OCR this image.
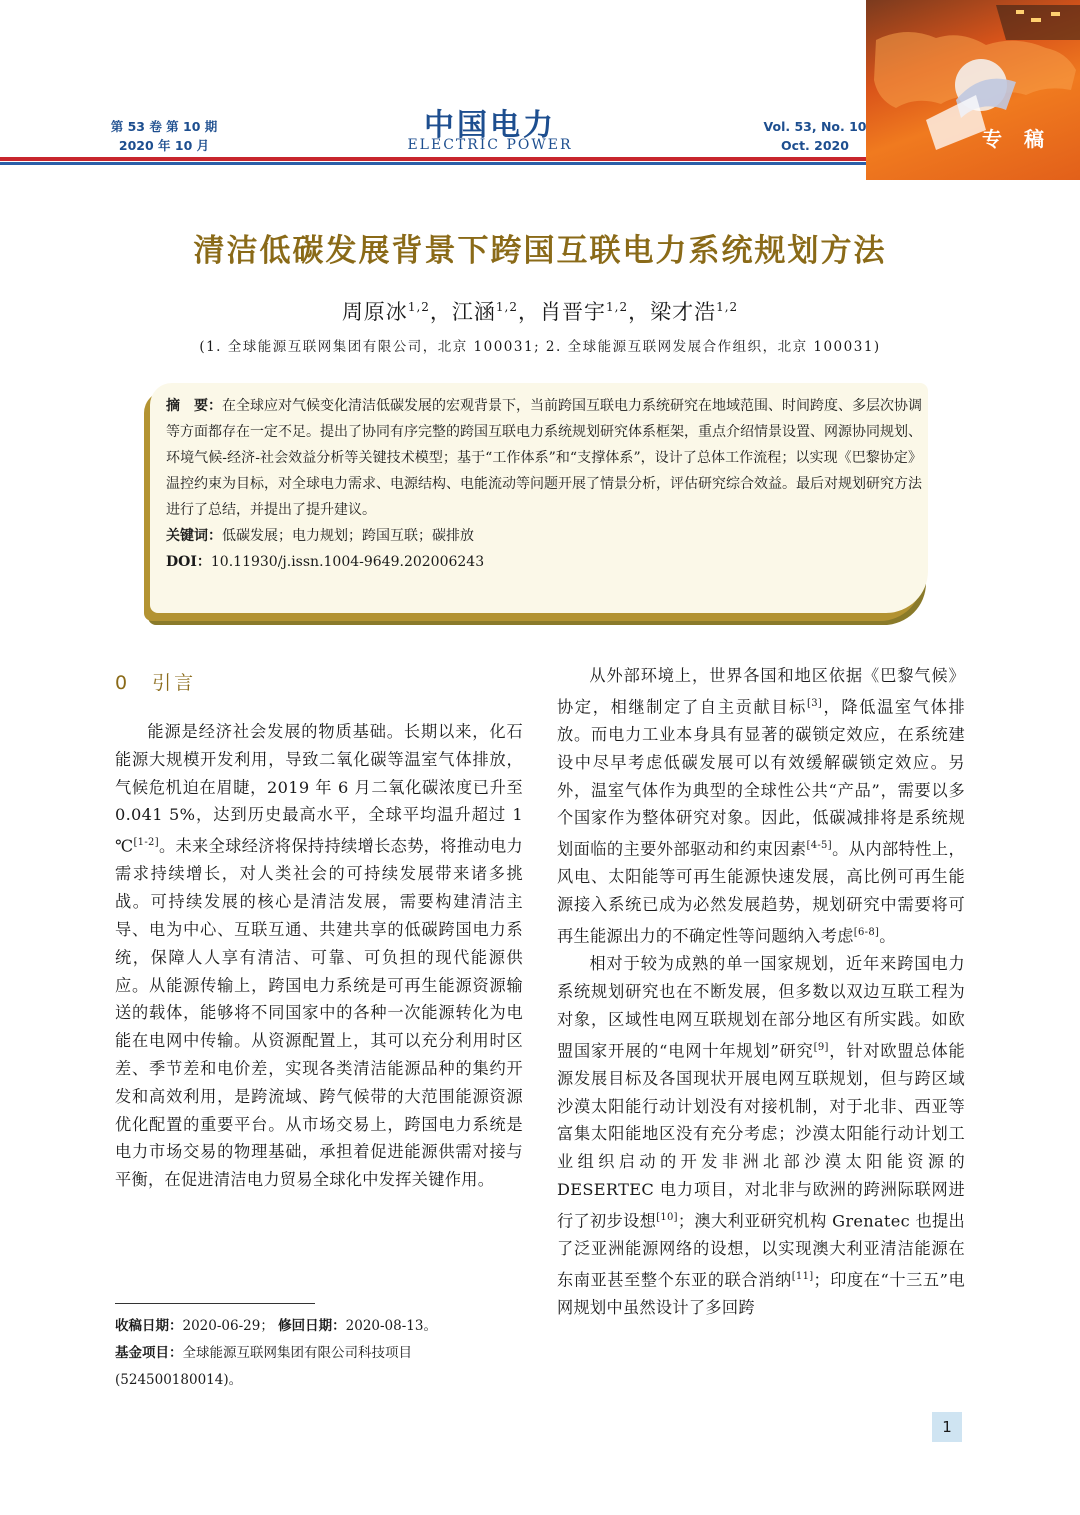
第 53 卷 第 10 期
2020 年 10 月
中国电力
ELECTRIC POWER
Vol. 53, No. 10
Oct. 2020	专稿
清洁低碳发展背景下跨国互联电力系统规划方法
周原冰$^{1,2}$，江涵$^{1,2}$，肖晋宇$^{1,2}$，梁才浩$^{1,2}$
(1. 全球能源互联网集团有限公司，北京 100031; 2. 全球能源互联网发展合作组织，北京 100031)

摘　要：在全球应对气候变化清洁低碳发展的宏观背景下，当前跨国互联电力系统研究在地域范围、时间跨度、多层次协调等方面都存在一定不足。提出了协同有序完整的跨国互联电力系统规划研究体系框架，重点介绍情景设置、网源协同规划、环境气候-经济-社会效益分析等关键技术模型；基于“工作体系”和“支撑体系”，设计了总体工作流程；以实现《巴黎协定》温控约束为目标，对全球电力需求、电源结构、电能流动等问题开展了情景分析，评估研究综合效益。最后对规划研究方法进行了总结，并提出了提升建议。

关键词：低碳发展；电力规划；跨国互联；碳排放

DOI：10.11930/j.issn.1004-9649.202006243

0　引言

能源是经济社会发展的物质基础。长期以来，化石能源大规模开发利用，导致二氧化碳等温室气体排放，气候危机迫在眉睫，2019 年 6 月二氧化碳浓度已升至 0.041 5%，达到历史最高水平，全球平均温升超过 1 ℃[1-2]。未来全球经济将保持持续增长态势，将推动电力需求持续增长，对人类社会的可持续发展带来诸多挑战。可持续发展的核心是清洁发展，需要构建清洁主导、电为中心、互联互通、共建共享的低碳跨国电力系统，保障人人享有清洁、可靠、可负担的现代能源供应。从能源传输上，跨国电力系统是可再生能源资源输送的载体，能够将不同国家中的各种一次能源转化为电能在电网中传输。从资源配置上，其可以充分利用时区差、季节差和电价差，实现各类清洁能源品种的集约开发和高效利用，是跨流域、跨气候带的大范围能源资源优化配置的重要平台。从市场交易上，跨国电力系统是电力市场交易的物理基础，承担着促进能源供需对接与平衡，在促进清洁电力贸易全球化中发挥关键作用。

从外部环境上，世界各国和地区依据《巴黎气候》协定，相继制定了自主贡献目标[3]，降低温室气体排放。而电力工业本身具有显著的碳锁定效应，在系统建设中尽早考虑低碳发展可以有效缓解碳锁定效应。另外，温室气体作为典型的全球性公共“产品”，需要以多个国家作为整体研究对象。因此，低碳减排将是系统规划面临的主要外部驱动和约束因素[4-5]。从内部特性上，风电、太阳能等可再生能源快速发展，高比例可再生能源接入系统已成为必然发展趋势，规划研究中需要将可再生能源出力的不确定性等问题纳入考虑[6-8]。

相对于较为成熟的单一国家规划，近年来跨国电力系统规划研究也在不断发展，但多数以双边互联工程为对象，区域性电网互联规划在部分地区有所实践。如欧盟国家开展的“电网十年规划”研究[9]，针对欧盟总体能源发展目标及各国现状开展电网互联规划，但与跨区域沙漠太阳能行动计划没有对接机制，对于北非、西亚等富集太阳能地区没有充分考虑；沙漠太阳能行动计划工业组织启动的开发非洲北部沙漠太阳能资源的 DESERTEC 电力项目，对北非与欧洲的跨洲际联网进行了初步设想[10]；澳大利亚研究机构 Grenatec 也提出了泛亚洲能源网络的设想，以实现澳大利亚清洁能源在东南亚甚至整个东亚的联合消纳[11]；印度在“十三五”电网规划中虽然设计了多回跨

收稿日期：2020-06-29； 修回日期：2020-08-13。

基金项目：全球能源互联网集团有限公司科技项目 (524500180014)。

1
